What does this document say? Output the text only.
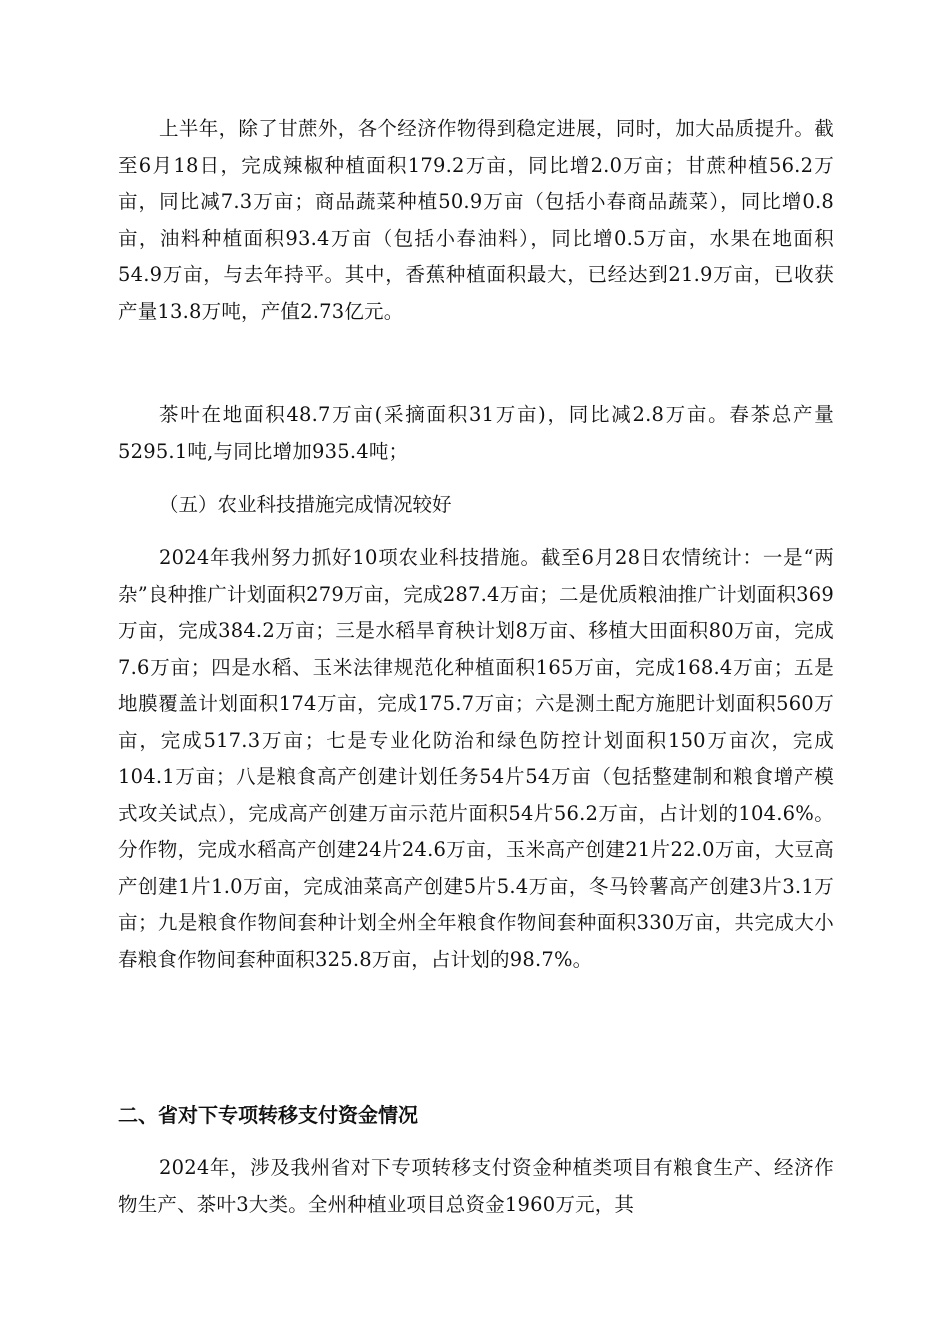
上半年，除了甘蔗外，各个经济作物得到稳定进展，同时，加大品质提升。截至6月18日，完成辣椒种植面积179.2万亩，同比增2.0万亩；甘蔗种植56.2万亩，同比减7.3万亩；商品蔬菜种植50.9万亩（包括小春商品蔬菜），同比增0.8亩，油料种植面积93.4万亩（包括小春油料），同比增0.5万亩，水果在地面积54.9万亩，与去年持平。其中，香蕉种植面积最大，已经达到21.9万亩，已收获产量13.8万吨，产值2.73亿元。

茶叶在地面积48.7万亩(采摘面积31万亩)，同比减2.8万亩。春茶总产量5295.1吨,与同比增加935.4吨；

（五）农业科技措施完成情况较好

2024年我州努力抓好10项农业科技措施。截至6月28日农情统计：一是“两杂”良种推广计划面积279万亩，完成287.4万亩；二是优质粮油推广计划面积369万亩，完成384.2万亩；三是水稻旱育秧计划8万亩、移植大田面积80万亩，完成7.6万亩；四是水稻、玉米法律规范化种植面积165万亩，完成168.4万亩；五是地膜覆盖计划面积174万亩，完成175.7万亩；六是测土配方施肥计划面积560万亩，完成517.3万亩；七是专业化防治和绿色防控计划面积150万亩次，完成104.1万亩；八是粮食高产创建计划任务54片54万亩（包括整建制和粮食增产模式攻关试点），完成高产创建万亩示范片面积54片56.2万亩，占计划的104.6%。分作物，完成水稻高产创建24片24.6万亩，玉米高产创建21片22.0万亩，大豆高产创建1片1.0万亩，完成油菜高产创建5片5.4万亩，冬马铃薯高产创建3片3.1万亩；九是粮食作物间套种计划全州全年粮食作物间套种面积330万亩，共完成大小春粮食作物间套种面积325.8万亩，占计划的98.7%。

二、省对下专项转移支付资金情况

2024年，涉及我州省对下专项转移支付资金种植类项目有粮食生产、经济作物生产、茶叶3大类。全州种植业项目总资金1960万元，其
